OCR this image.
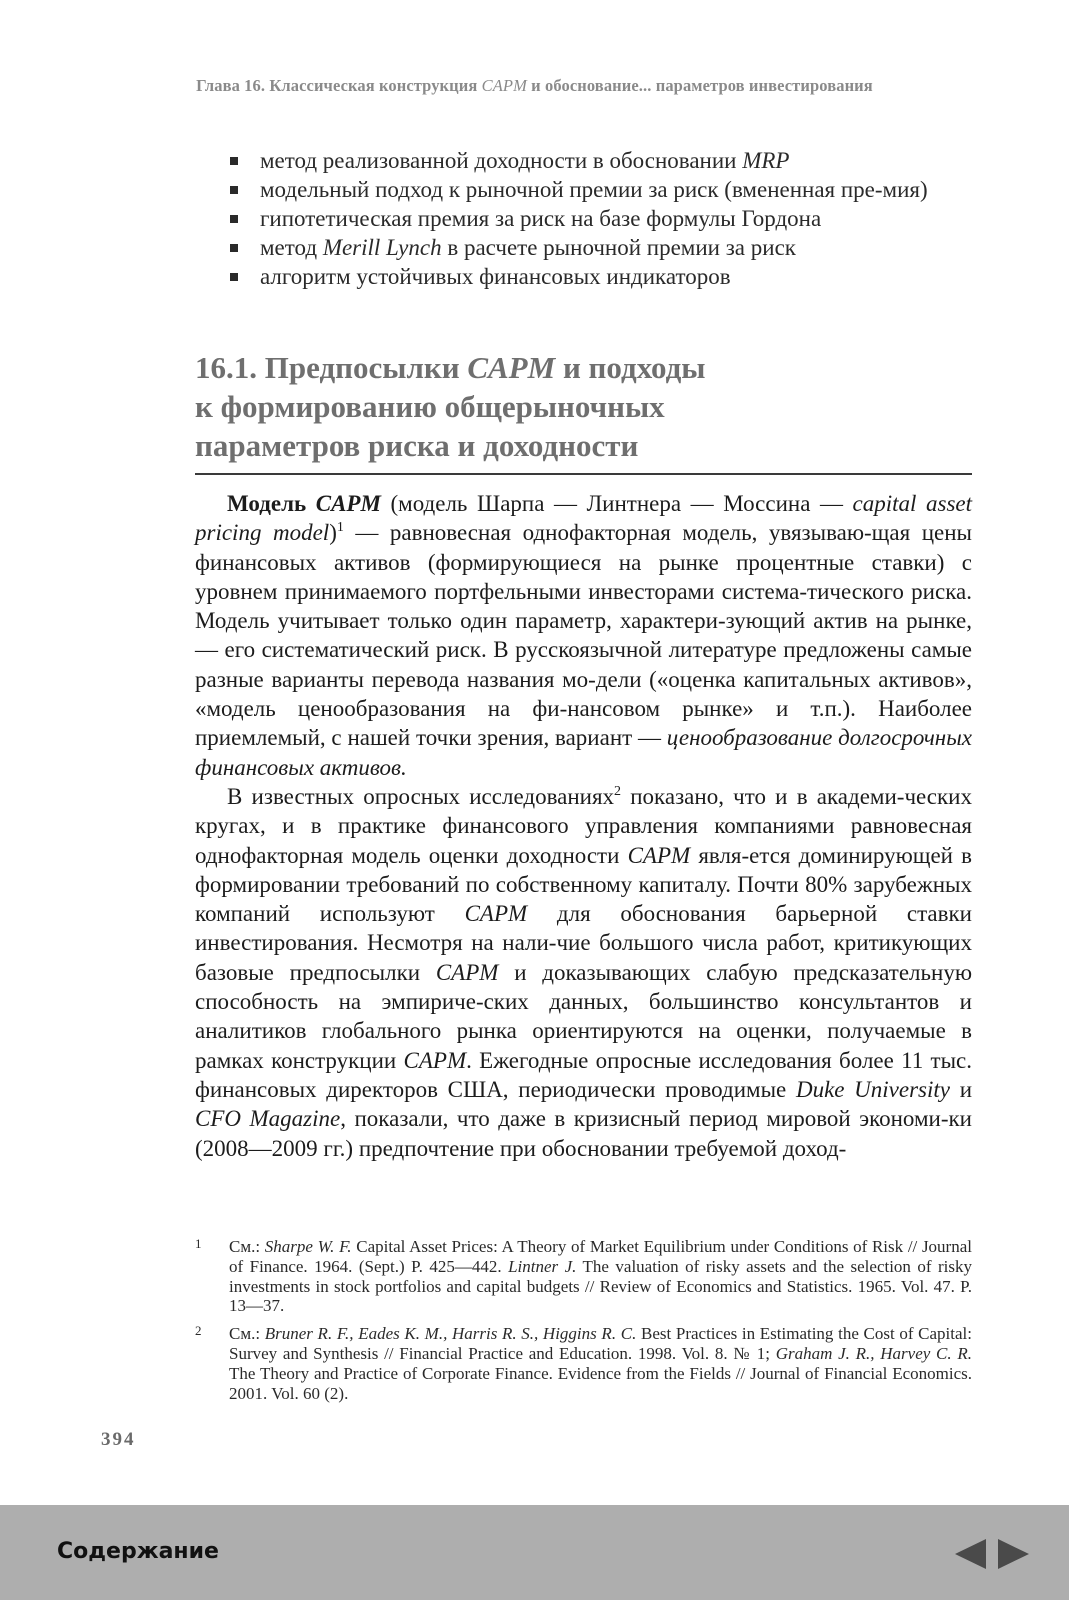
Глава 16. Классическая конструкция CAPM и обоснование... параметров инвестирования
метод реализованной доходности в обосновании MRP
модельный подход к рыночной премии за риск (вмененная пре-мия)
гипотетическая премия за риск на базе формулы Гордона
метод Merill Lynch в расчете рыночной премии за риск
алгоритм устойчивых финансовых индикаторов
16.1. Предпосылки CAPM и подходы
к формированию общерыночных
параметров риска и доходности

Модель CAPM (модель Шарпа — Линтнера — Моссина — capital asset pricing model)$^1$ — равновесная однофакторная модель, увязываю-щая цены финансовых активов (формирующиеся на рынке процентные ставки) с уровнем принимаемого портфельными инвесторами система-тического риска. Модель учитывает только один параметр, характери-зующий актив на рынке, — его систематический риск. В русскоязычной литературе предложены самые разные варианты перевода названия мо-дели («оценка капитальных активов», «модель ценообразования на фи-нансовом рынке» и т.п.). Наиболее приемлемый, с нашей точки зрения, вариант — ценообразование долгосрочных финансовых активов.

В известных опросных исследованиях$^2$ показано, что и в академи-ческих кругах, и в практике финансового управления компаниями равновесная однофакторная модель оценки доходности CAPM явля-ется доминирующей в формировании требований по собственному капиталу. Почти 80% зарубежных компаний используют CAPM для обоснования барьерной ставки инвестирования. Несмотря на нали-чие большого числа работ, критикующих базовые предпосылки CAPM и доказывающих слабую предсказательную способность на эмпириче-ских данных, большинство консультантов и аналитиков глобального рынка ориентируются на оценки, получаемые в рамках конструкции CAPM. Ежегодные опросные исследования более 11 тыс. финансовых директоров США, периодически проводимые Duke University и CFO Magazine, показали, что даже в кризисный период мировой экономи-ки (2008—2009 гг.) предпочтение при обосновании требуемой доход-

1 См.: Sharpe W. F. Capital Asset Prices: A Theory of Market Equilibrium under Conditions of Risk // Journal of Finance. 1964. (Sept.) P. 425—442. Lintner J. The valuation of risky assets and the selection of risky investments in stock portfolios and capital budgets // Review of Economics and Statistics. 1965. Vol. 47. P. 13—37.
2 См.: Bruner R. F., Eades K. M., Harris R. S., Higgins R. C. Best Practices in Estimating the Cost of Capital: Survey and Synthesis // Financial Practice and Education. 1998. Vol. 8. № 1; Graham J. R., Harvey C. R. The Theory and Practice of Corporate Finance. Evidence from the Fields // Journal of Financial Economics. 2001. Vol. 60 (2).
394
Содержание
